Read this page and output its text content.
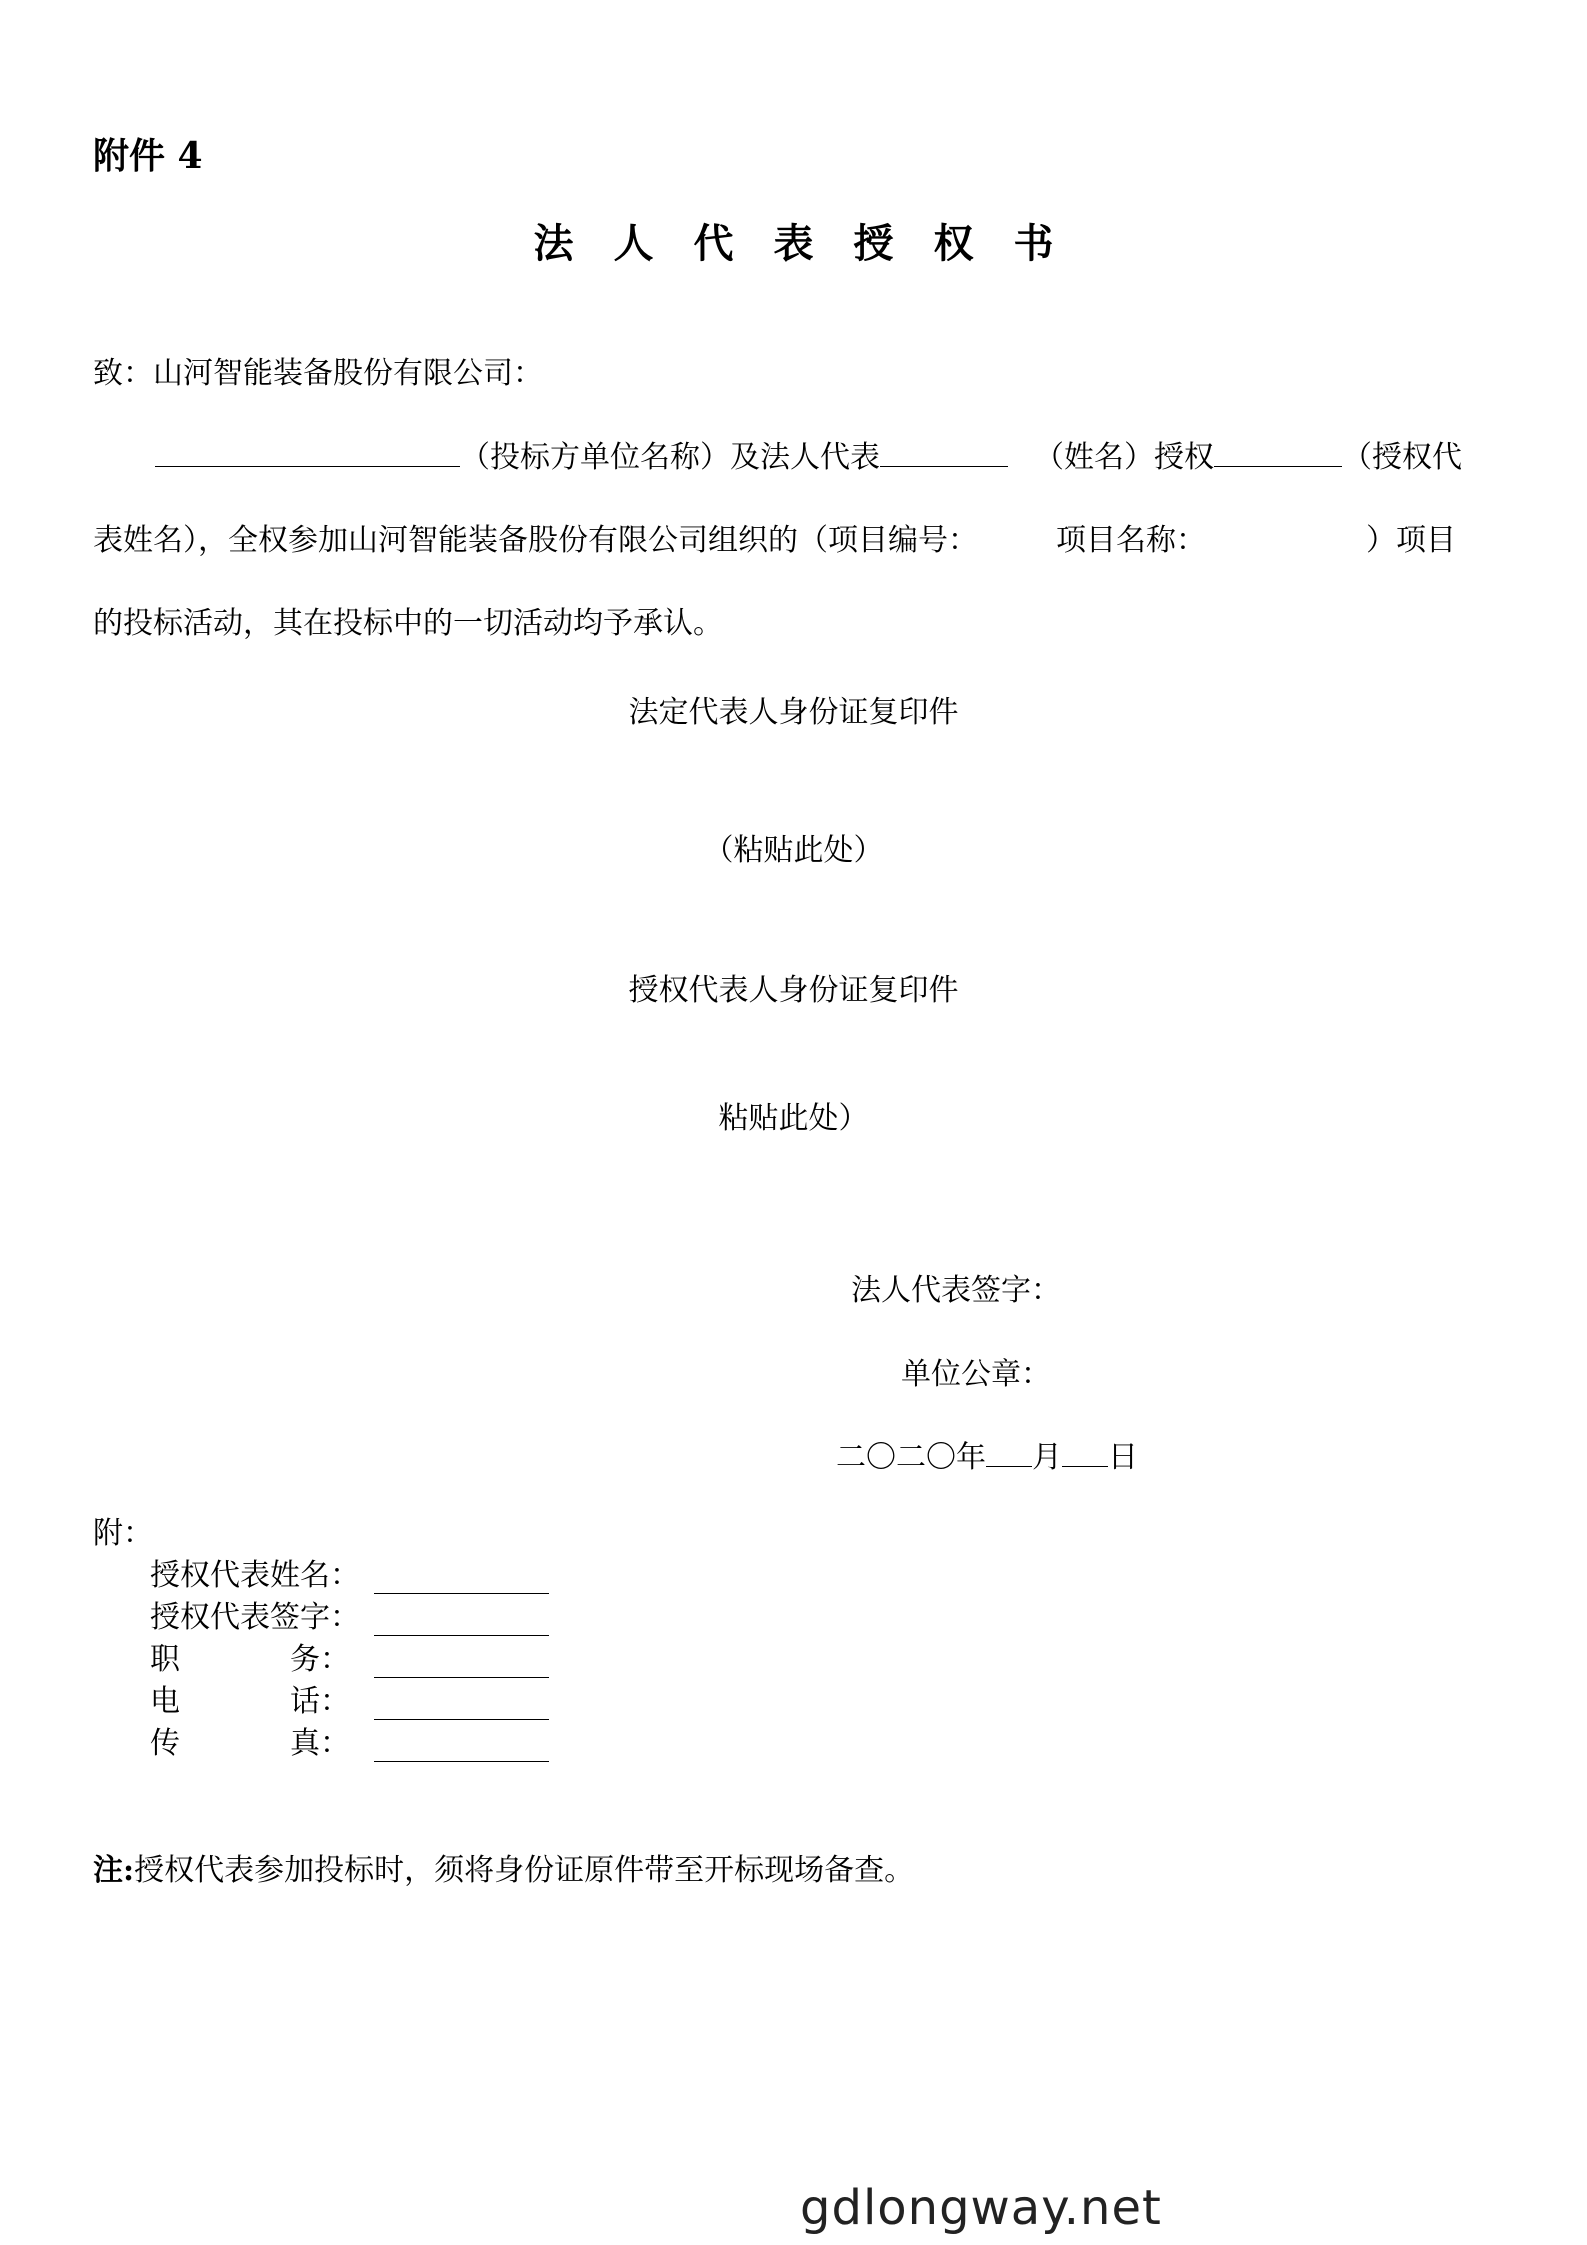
附件 4
法人代表授权书
致：山河智能装备股份有限公司：
（投标方单位名称）及法人代表	（姓名）授权	（授权代
表姓名），全权参加山河智能装备股份有限公司组织的（项目编号：	项目名称：	）项目
的投标活动，其在投标中的一切活动均予承认。
法定代表人身份证复印件
（粘贴此处）
授权代表人身份证复印件
粘贴此处）
法人代表签字：
单位公章：
二〇二〇年 月 日
附：
授权代表姓名：
授权代表签字：
职	务：
电	话：
传	真：
注:授权代表参加投标时，须将身份证原件带至开标现场备查。
gdlongway.net
